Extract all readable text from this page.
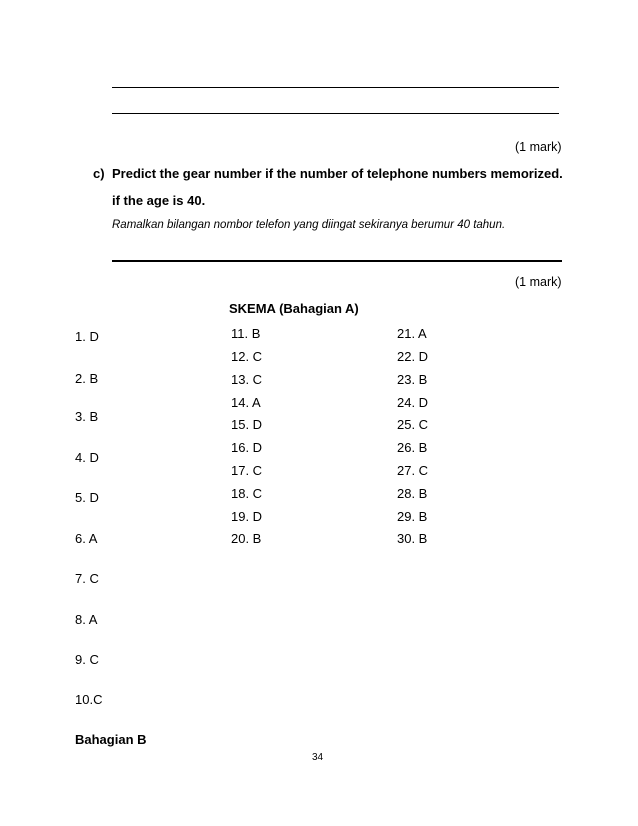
(1 mark)
c) Predict the gear number if the number of telephone numbers memorized.
if the age is 40.
Ramalkan bilangan nombor telefon yang diingat sekiranya berumur 40 tahun.
(1 mark)
SKEMA (Bahagian A)
1. D
2. B
3. B
4. D
5. D
6. A
7. C
8. A
9. C
10.C
11. B
12. C
13. C
14. A
15. D
16. D
17. C
18. C
19. D
20. B
21. A
22. D
23. B
24. D
25. C
26. B
27. C
28. B
29. B
30. B
Bahagian B
34
